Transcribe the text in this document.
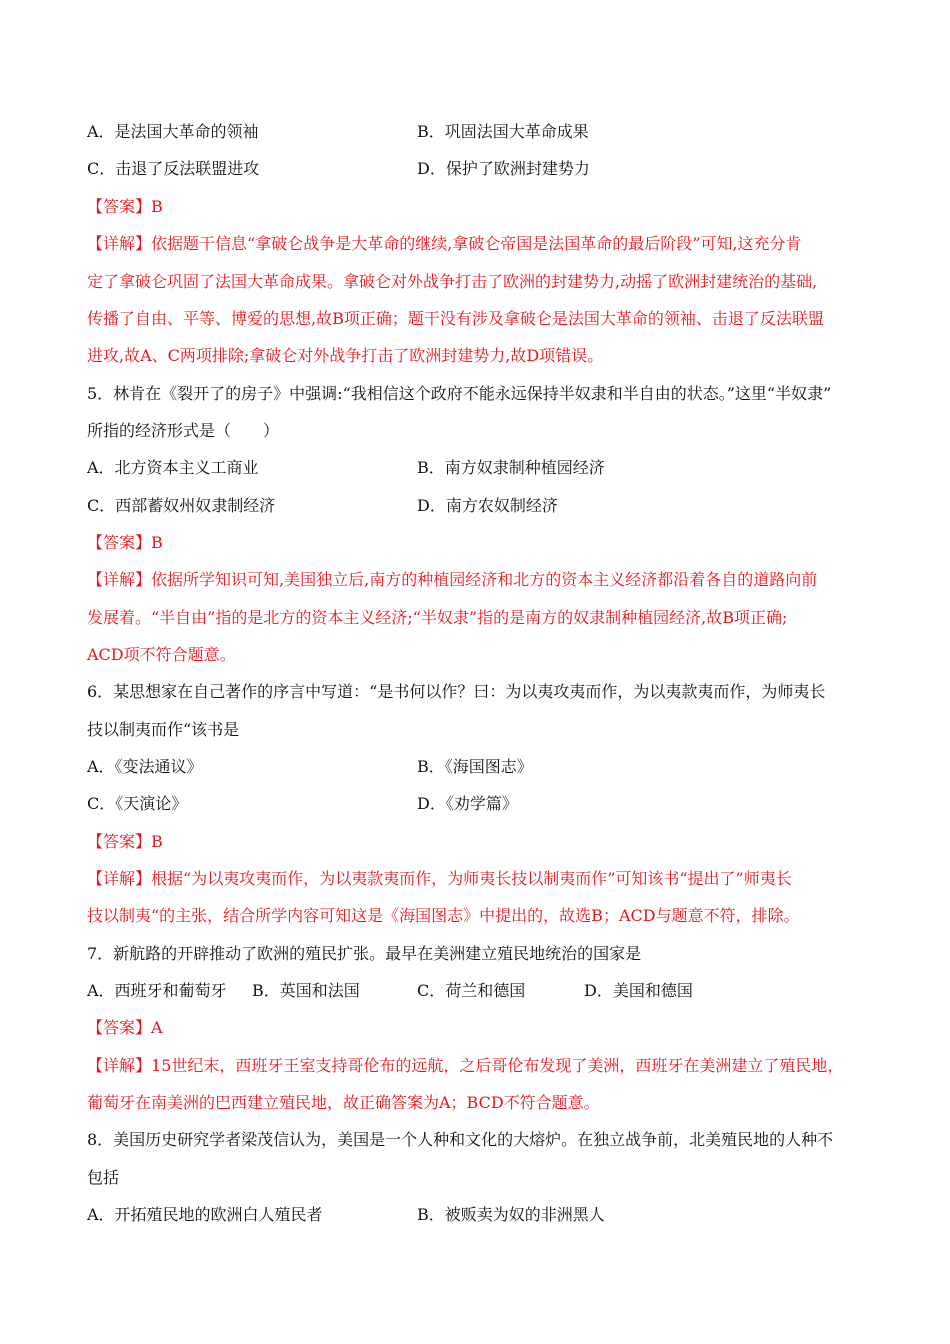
A．是法国大革命的领袖	B．巩固法国大革命成果
C．击退了反法联盟进攻	D．保护了欧洲封建势力
【答案】B
【详解】依据题干信息“拿破仑战争是大革命的继续,拿破仑帝国是法国革命的最后阶段”可知,这充分肯
定了拿破仑巩固了法国大革命成果。拿破仑对外战争打击了欧洲的封建势力,动摇了欧洲封建统治的基础,
传播了自由、平等、博爱的思想,故B项正确；题干没有涉及拿破仑是法国大革命的领袖、击退了反法联盟
进攻,故A、C两项排除;拿破仑对外战争打击了欧洲封建势力,故D项错误。
5．林肯在《裂开了的房子》中强调:“我相信这个政府不能永远保持半奴隶和半自由的状态。”这里“半奴隶”
所指的经济形式是（　　）
A．北方资本主义工商业	B．南方奴隶制种植园经济
C．西部蓄奴州奴隶制经济	D．南方农奴制经济
【答案】B
【详解】依据所学知识可知,美国独立后,南方的种植园经济和北方的资本主义经济都沿着各自的道路向前
发展着。“半自由”指的是北方的资本主义经济;“半奴隶”指的是南方的奴隶制种植园经济,故B项正确;
ACD项不符合题意。
6．某思想家在自己著作的序言中写道：“是书何以作？曰：为以夷攻夷而作，为以夷款夷而作，为师夷长
技以制夷而作“该书是
A．《变法通议》	B．《海国图志》
C．《天演论》	D．《劝学篇》
【答案】B
【详解】根据“为以夷攻夷而作，为以夷款夷而作，为师夷长技以制夷而作”可知该书“提出了”师夷长
技以制夷“的主张，结合所学内容可知这是《海国图志》中提出的，故选B；ACD与题意不符，排除。
7．新航路的开辟推动了欧洲的殖民扩张。最早在美洲建立殖民地统治的国家是
A．西班牙和葡萄牙 B．英国和法国	C．荷兰和德国	D．美国和德国
【答案】A
【详解】15世纪末，西班牙王室支持哥伦布的远航，之后哥伦布发现了美洲，西班牙在美洲建立了殖民地，
葡萄牙在南美洲的巴西建立殖民地，故正确答案为A；BCD不符合题意。
8．美国历史研究学者梁茂信认为，美国是一个人种和文化的大熔炉。在独立战争前，北美殖民地的人种不
包括
A．开拓殖民地的欧洲白人殖民者	B．被贩卖为奴的非洲黑人
